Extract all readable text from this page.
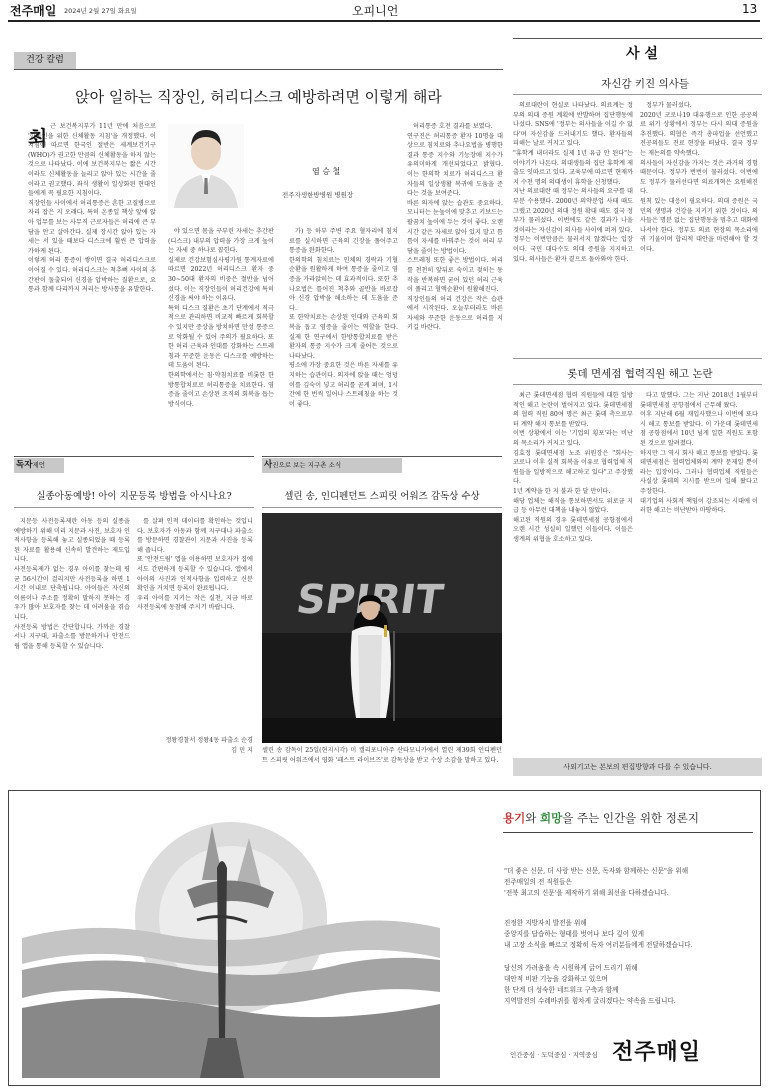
전주매일 2024년 2월 27일 화요일	오피니언	13
건강 칼럼
앉아 일하는 직장인, 허리디스크 예방하려면 이렇게 해라
최 근 보건복지부가 11년 만에 처음으로 '한국인을 위한 신체활동 지침'을 개정했다. 이 지침에 따르면 한국인 절반은 세계보건기구(WHO)가 권고한 만큼의 신체활동을 하지 않는 것으로 나타났다. 이에 보건복지부는 짧은 시간이라도 신체활동을 늘리고 앉아 있는 시간을 줄이라고 권고했다. 좌식 생활이 일상화된 현대인들에게 꼭 필요한 지침이다.
직장인들 사이에서 허리통증은 흔한 고질병으로 자리 잡은 지 오래다. 특히 온종일 책상 앞에 앉아 업무를 보는 사무직 근로자들은 허리에 큰 부담을 안고 살아간다. 실제 장시간 앉아 있는 자세는 서 있을 때보다 디스크에 훨씬 큰 압력을 가하게 된다.
이렇게 허리 통증이 쌓이면 결국 허리디스크로 이어질 수 있다. 허리디스크는 척추뼈 사이의 추간판이 돌출되어 신경을 압박하는 질환으로, 요통과 함께 다리까지 저리는 방사통을 유발한다.
염 승 철
전주자생한방병원 병원장
야 있으면 몸을 구부린 자세는 추간판(디스크) 내부의 압력을 가장 크게 높이는 자세 중 하나로 꼽힌다.
실제로 건강보험심사평가원 통계자료에 따르면 2022년 허리디스크 환자 중 30~50대 환자의 비중은 절반을 넘어섰다. 이는 직장인들이 허리건강에 특히 신경을 써야 하는 이유다.
특히 디스크 질환은 초기 단계에서 적극적으로 관리하면 비교적 빠르게 회복할 수 있지만 증상을 방치하면 만성 통증으로 악화될 수 있어 주의가 필요하다. 또한 허리 근육과 인대를 강화하는 스트레칭과 꾸준한 운동은 디스크를 예방하는 데 도움이 된다.
한의학에서는 침·약침치료를 비롯한 한방통합치료로 허리통증을 치료한다. 염증을 줄이고 손상된 조직의 회복을 돕는 방식이다.
가) 등 하부 주변 주요 혈자리에 침치료를 실시하면 근육의 긴장을 풀어주고 통증을 완화한다.
한의학의 침치료는 인체의 경락과 기혈 순환을 원활하게 하여 통증을 줄이고 염증을 가라앉히는 데 효과적이다. 또한 추나요법은 틀어진 척추와 골반을 바로잡아 신경 압박을 해소하는 데 도움을 준다.
또 한약치료는 손상된 인대와 근육의 회복을 돕고 염증을 줄이는 역할을 한다. 실제 한 연구에서 한방통합치료를 받은 환자의 통증 지수가 크게 줄어든 것으로 나타났다.
평소에 가장 중요한 것은 바른 자세를 유지하는 습관이다. 의자에 앉을 때는 엉덩이를 깊숙이 넣고 허리를 곧게 펴며, 1시간에 한 번씩 일어나 스트레칭을 하는 것이 좋다.
허리통증 호전 결과를 보였다.
연구진은 허리통증 환자 10명을 대상으로 침치료와 추나요법을 병행한 결과 통증 지수와 기능장애 지수가 유의미하게 개선되었다고 밝혔다. 이는 한의학 치료가 허리디스크 환자들의 일상생활 복귀에 도움을 준다는 것을 보여준다.
바른 의자에 앉는 습관도 중요하다. 모니터는 눈높이에 맞추고 키보드는 팔꿈치 높이에 두는 것이 좋다. 오랜 시간 같은 자세로 앉아 있지 말고 틈틈이 자세를 바꿔주는 것이 허리 부담을 줄이는 방법이다.
스트레칭 또한 좋은 방법이다. 허리를 천천히 앞뒤로 숙이고 젖히는 동작을 반복하면 굳어 있던 허리 근육이 풀리고 혈액순환이 원활해진다.
직장인들의 허리 건강은 작은 습관에서 시작된다. 오늘부터라도 바른 자세와 꾸준한 운동으로 허리를 지키길 바란다.
사 설
자신감 키진 의사들
의료대란이 현실로 나타났다. 의료계는 정부의 의대 증원 계획에 반발하며 집단행동에 나섰다. SNS에 '정부는 의사들을 이길 수 없다'며 자신감을 드러내기도 했다. 환자들의 피해는 날로 커지고 있다.
"휴학계 내더라도 실제 1년 유급 안 된다"는 이야기가 나돈다. 의대생들의 집단 휴학계 제출도 잇따르고 있다. 교육부에 따르면 현재까지 수천 명의 의대생이 휴학을 신청했다.
지난 의료대란 때 정부는 의사들의 요구를 대부분 수용했다. 2000년 의약분업 사태 때도 그랬고 2020년 의대 정원 확대 때도 결국 정부가 물러섰다. 이번에도 같은 결과가 나올 것이라는 자신감이 의사들 사이에 퍼져 있다.
정부는 이번만큼은 물러서지 않겠다는 입장이다. 국민 대다수도 의대 증원을 지지하고 있다. 의사들은 환자 곁으로 돌아와야 한다.
정부가 물러섰다.
2020년 코로나19 대유행으로 인한 공공의료 위기 상황에서 정부는 다시 의대 증원을 추진했다. 의협은 즉각 총파업을 선언했고 전공의들도 진료 현장을 떠났다. 결국 정부는 재논의를 약속했다.
의사들이 자신감을 가지는 것은 과거의 경험 때문이다. 정부가 번번이 물러섰다. 이번에도 정부가 물러선다면 의료개혁은 요원해진다.
원칙 있는 대응이 필요하다. 의대 증원은 국민의 생명과 건강을 지키기 위한 것이다. 의사들은 명분 없는 집단행동을 멈추고 대화에 나서야 한다. 정부도 의료 현장의 목소리에 귀 기울이며 합리적 대안을 마련해야 할 것이다.
롯데 면세점 협력직원 해고 논란
최근 롯데면세점 협력 직원들에 대한 일방적인 해고 논란이 벌어지고 있다. 롯데면세점의 협력 직원 80여 명은 최근 롯데 측으로부터 계약 해지 통보를 받았다.
이번 상황에서 이는 '기업의 횡포'라는 비난의 목소리가 커지고 있다.
김효정 롯데면세점 노조 위원장은 "회사는 코로나 이후 실적 회복을 이유로 협력업체 직원들을 일방적으로 해고하고 있다"고 주장했다.
1년 계약을 한 지 불과 한 달 만이다.
해당 업체는 해직을 통보하면서도 위로금 지급 등 아무런 대책을 내놓지 않았다.
해고된 직원의 경우 롯데면세점 공항점에서 오랜 시간 성실히 일했던 이들이다. 이들은 생계의 위협을 호소하고 있다.
다고 말했다. 그는 지난 2018년 1월부터 롯데면세점 공항점에서 근무해 왔다.
이후 지난해 6월 재입사했으나 이번에 또다시 해고 통보를 받았다. 이 가운데 롯데면세점 공항점에서 10년 넘게 일한 직원도 포함된 것으로 알려졌다.
하지만 그 역시 회사 해고 통보를 받았다. 롯데면세점은 협력업체와의 계약 문제일 뿐이라는 입장이다. 그러나 협력업체 직원들은 사실상 롯데의 지시를 받으며 일해 왔다고 주장한다.
대기업의 사회적 책임이 강조되는 시대에 이러한 해고는 비난받아 마땅하다.
사외기고는 본보의 편집방향과 다를 수 있습니다.
독자제언
실종아동예방! 아이 지문등록 방법을 아시나요?
지문등 사전등록제란 아동 등의 실종을 예방하기 위해 미리 지문과 사진, 보호자 인적사항을 등록해 놓고 실종되었을 때 등록된 자료를 활용해 신속히 발견하는 제도입니다.
사전등록제가 없는 경우 아이를 찾는데 평균 56시간이 걸리지만 사전등록을 하면 1시간 이내로 단축됩니다. 아이들은 자신의 이름이나 주소를 정확히 말하지 못하는 경우가 많아 보호자를 찾는 데 어려움을 겪습니다.
사전등록 방법은 간단합니다. 가까운 경찰서나 지구대, 파출소를 방문하거나 안전드림 앱을 통해 등록할 수 있습니다.
를 살펴 인적 데이터를 확인하는 것입니다. 보호자가 아동과 함께 지구대나 파출소를 방문하면 경찰관이 지문과 사진을 등록해 줍니다.
또 '안전드림' 앱을 이용하면 보호자가 집에서도 간편하게 등록할 수 있습니다. 앱에서 아이의 사진과 인적사항을 입력하고 신분 확인을 거치면 등록이 완료됩니다.
우리 아이를 지키는 작은 실천, 지금 바로 사전등록에 동참해 주시기 바랍니다.
정왕경찰서 정왕4동 파출소 순경
김 민 지
사진으로 보는 지구촌 소식
셀린 송, 인디펜던트 스피릿 어워즈 감독상 수상
셀린 송 감독이 25일(현지시각) 미 캘리포니아주 산타모니카에서 열린 제39회 인디펜던트 스피릿 어워즈에서 영화 '패스트 라이브즈'로 감독상을 받고 수상 소감을 말하고 있다.
용기와 희망을 주는 인간을 위한 정론지
"더 좋은 신문, 더 사랑 받는 신문, 독자와 함께하는 신문"을 위해
전주매일의 전 직원들은
'전북 최고의 신문'을 제작하기 위해 최선을 다하겠습니다.
진정한 지방자치 발전을 위해
중앙지를 답습하는 형태를 벗어나 보다 깊이 있게
내 고장 소식을 빠르고 정확히 독자 여러분들에게 전달하겠습니다.
당신의 가려움을 속 시원하게 긁어 드리기 위해
대안적 비판 기능을 강화하고 있으며
한 단계 더 성숙한 네트워크 구축과 함께
지역발전의 수레바퀴를 힘차게 굴리겠다는 약속을 드립니다.
인간중심 · 도덕중심 · 지역중심 전주매일
